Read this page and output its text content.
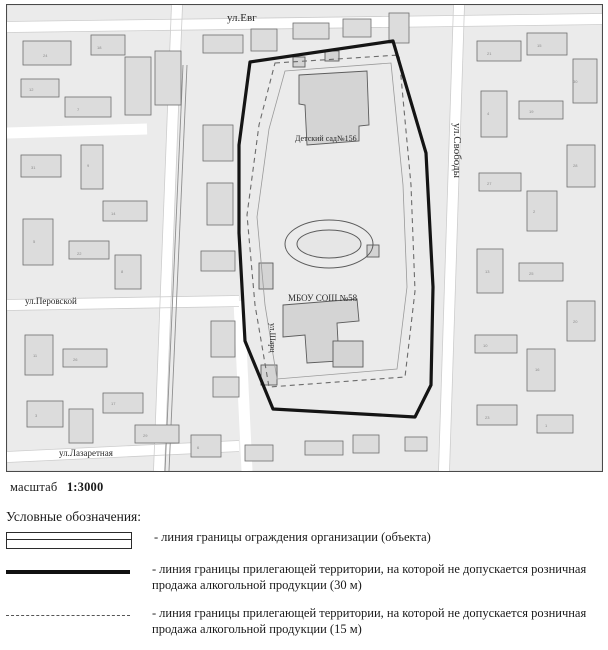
24
18
12
7
31	9
14
5
22
8
11
26
17
3
29
6
21
15
4	19
27
2
13	25
10
16
23
1
30
28
20
ул.Евг
ул.Перовской
ул.Лазаретная
ул.Свободы
ул.Шарц
Детский сад№156
МБОУ СОШ №58
масштаб 1:3000
Условные обозначения:
- линия границы ограждения организации (объекта)
- линия границы прилегающей территории, на которой не допускается розничная продажа алкогольной продукции (30 м)
- линия границы прилегающей территории, на которой не допускается розничная продажа алкогольной продукции (15 м)
